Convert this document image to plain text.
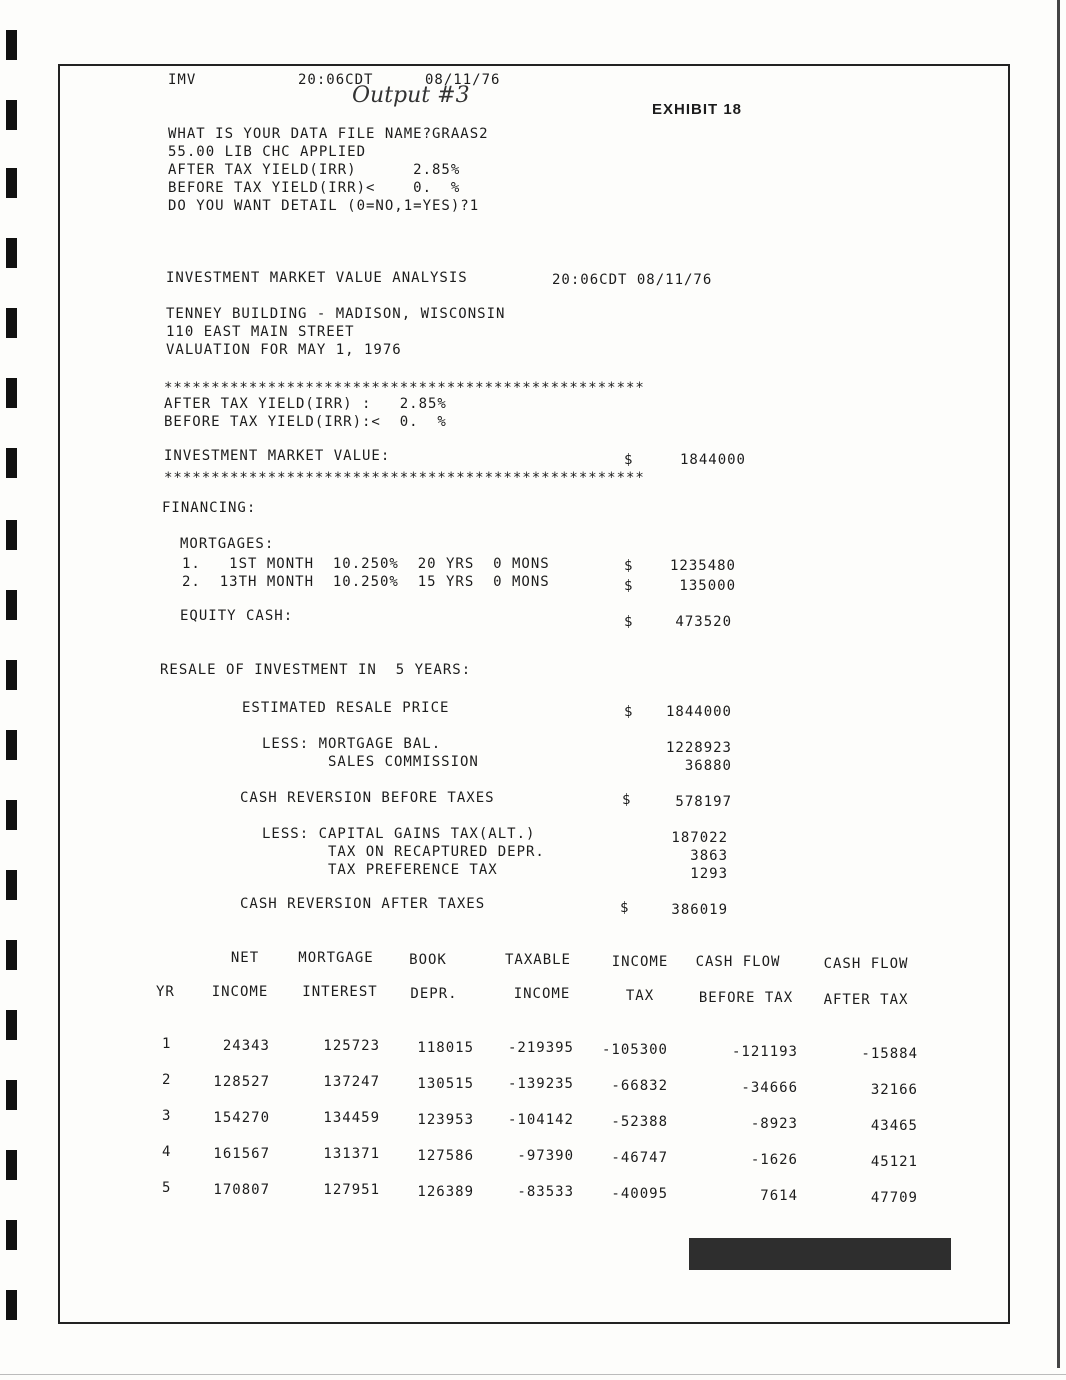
IMV	20:06CDT	08/11/76
Output #3
EXHIBIT 18
WHAT IS YOUR DATA FILE NAME?GRAAS2
55.00 LIB CHC APPLIED
AFTER TAX YIELD(IRR)      2.85%
BEFORE TAX YIELD(IRR)<    0.  %
DO YOU WANT DETAIL (0=NO,1=YES)?1
INVESTMENT MARKET VALUE ANALYSIS	20:06CDT 08/11/76
TENNEY BUILDING - MADISON, WISCONSIN
110 EAST MAIN STREET
VALUATION FOR MAY 1, 1976
***************************************************
AFTER TAX YIELD(IRR) :   2.85%
BEFORE TAX YIELD(IRR):<  0.  %
INVESTMENT MARKET VALUE:	$	1844000
***************************************************
FINANCING:
MORTGAGES:
1.   1ST MONTH  10.250%  20 YRS  0 MONS	$	1235480
2.  13TH MONTH  10.250%  15 YRS  0 MONS	$	135000
EQUITY CASH:	$	473520
RESALE OF INVESTMENT IN  5 YEARS:
ESTIMATED RESALE PRICE	$	1844000
LESS: MORTGAGE BAL.	1228923
SALES COMMISSION	36880
CASH REVERSION BEFORE TAXES	$	578197
LESS: CAPITAL GAINS TAX(ALT.)	187022
TAX ON RECAPTURED DEPR.	3863
TAX PREFERENCE TAX	1293
CASH REVERSION AFTER TAXES	$	386019
NET	MORTGAGE	BOOK	TAXABLE	INCOME	CASH FLOW	CASH FLOW
YR	INCOME	INTEREST	DEPR.	INCOME	TAX	BEFORE TAX	AFTER TAX
1	24343	125723	118015	-219395	-105300	-121193	-15884
2	128527	137247	130515	-139235	-66832	-34666	32166
3	154270	134459	123953	-104142	-52388	-8923	43465
4	161567	131371	127586	-97390	-46747	-1626	45121
5	170807	127951	126389	-83533	-40095	7614	47709
